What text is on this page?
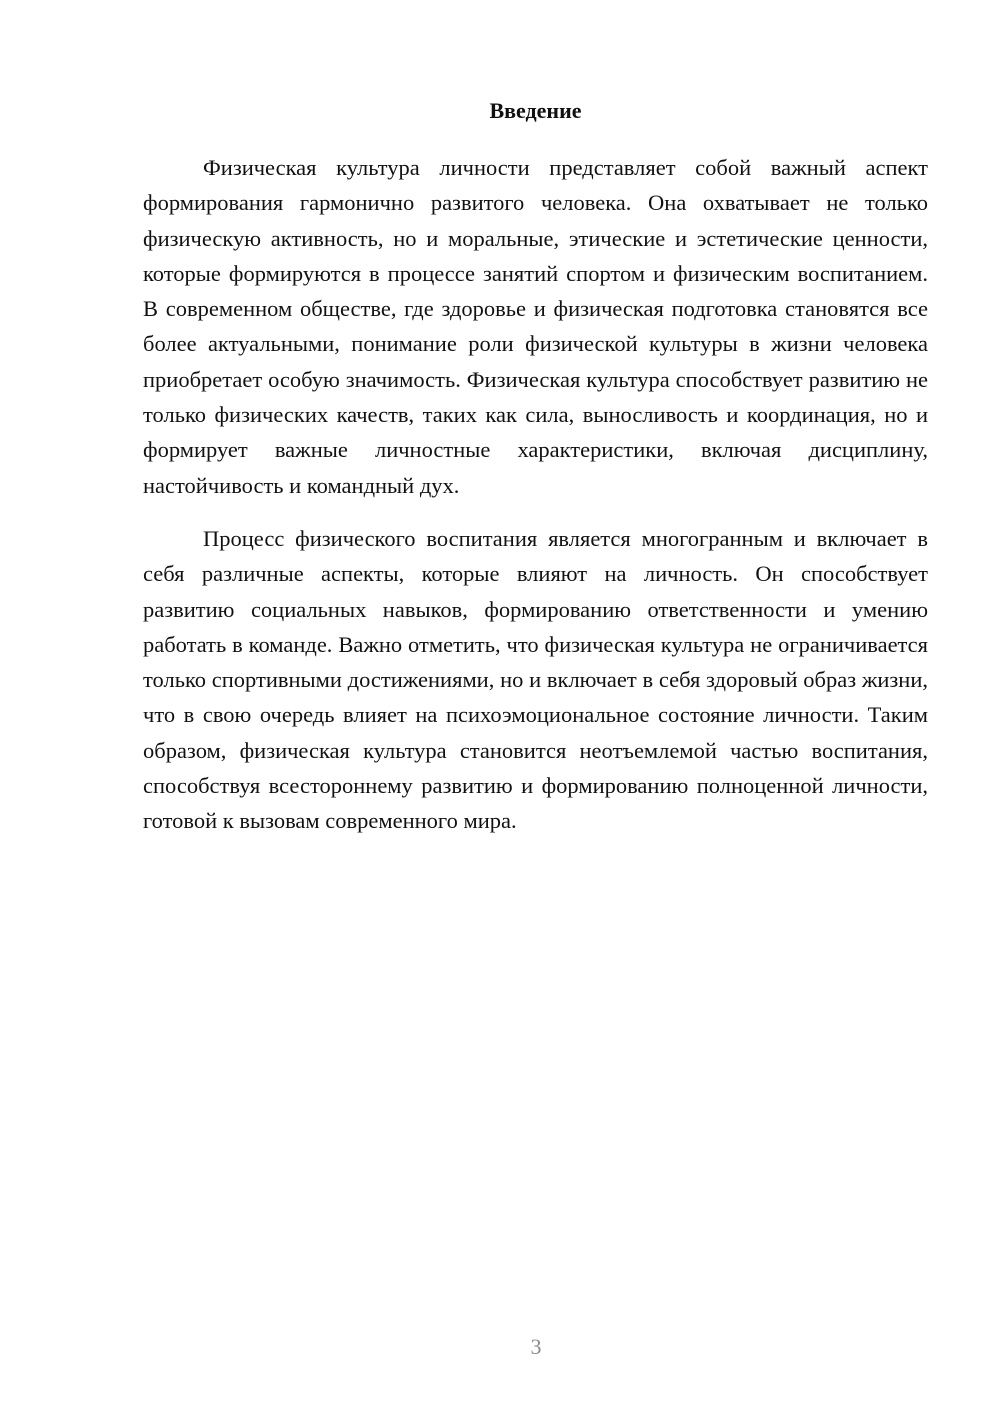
Введение

Физическая культура личности представляет собой важный аспект формирования гармонично развитого человека. Она охватывает не только физическую активность, но и моральные, этические и эстетические ценности, которые формируются в процессе занятий спортом и физическим воспитанием. В современном обществе, где здоровье и физическая подготовка становятся все более актуальными, понимание роли физической культуры в жизни человека приобретает особую значимость. Физическая культура способствует развитию не только физических качеств, таких как сила, выносливость и координация, но и формирует важные личностные характеристики, включая дисциплину, настойчивость и командный дух.

Процесс физического воспитания является многогранным и включает в себя различные аспекты, которые влияют на личность. Он способствует развитию социальных навыков, формированию ответственности и умению работать в команде. Важно отметить, что физическая культура не ограничивается только спортивными достижениями, но и включает в себя здоровый образ жизни, что в свою очередь влияет на психоэмоциональное состояние личности. Таким образом, физическая культура становится неотъемлемой частью воспитания, способствуя всестороннему развитию и формированию полноценной личности, готовой к вызовам современного мира.

3
